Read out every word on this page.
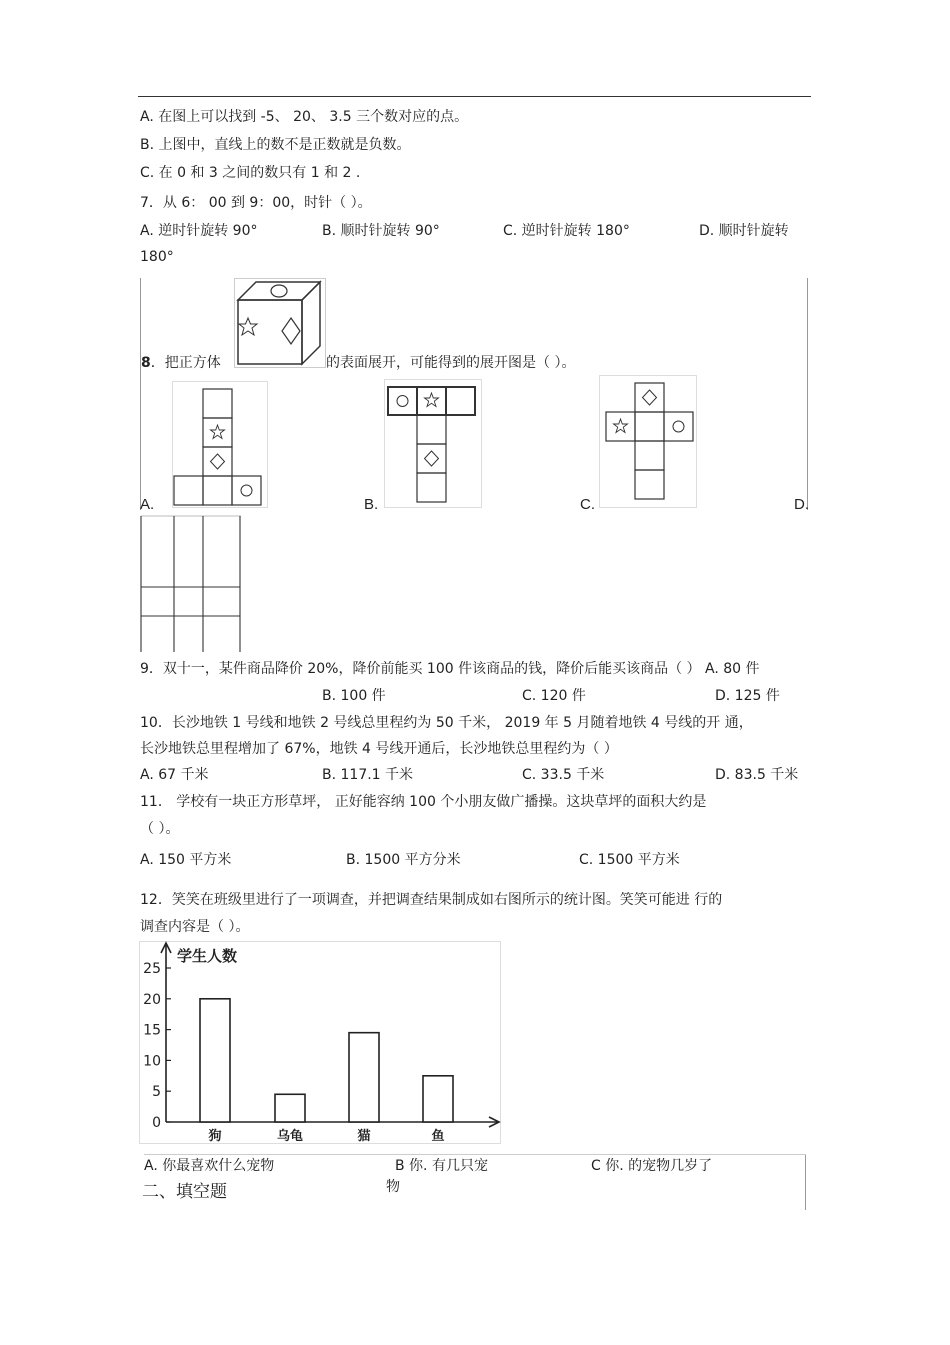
A. 在图上可以找到 -5、 20、 3.5 三个数对应的点。
B. 上图中，直线上的数不是正数就是负数。
C. 在 0 和 3 之间的数只有 1 和 2 .
7．从 6： 00 到 9：00，时针（ ）。
A. 逆时针旋转 90°	B. 顺时针旋转 90°	C. 逆时针旋转 180°	D. 顺时针旋转
180°
8．把正方体	的表面展开，可能得到的展开图是（ ）。
A.	B.	C.	D.
9．双十一，某件商品降价 20%，降价前能买 100 件该商品的钱，降价后能买该商品（ ） A. 80 件
B. 100 件	C. 120 件	D. 125 件
10．长沙地铁 1 号线和地铁 2 号线总里程约为 50 千米， 2019 年 5 月随着地铁 4 号线的开 通，
长沙地铁总里程增加了 67%，地铁 4 号线开通后，长沙地铁总里程约为（ ）
A. 67 千米	B. 117.1 千米	C. 33.5 千米	D. 83.5 千米
11． 学校有一块正方形草坪， 正好能容纳 100 个小朋友做广播操。这块草坪的面积大约是
（ ）。
A. 150 平方米	B. 1500 平方分米	C. 1500 平方米
12．笑笑在班级里进行了一项调查，并把调查结果制成如右图所示的统计图。笑笑可能进 行的
调查内容是（ ）。
学生人数
0
5
10
15
20
25
狗	乌龟	猫	鱼
A. 你最喜欢什么宠物	B 你. 有几只宠
物
C 你. 的宠物几岁了
二、填空题
